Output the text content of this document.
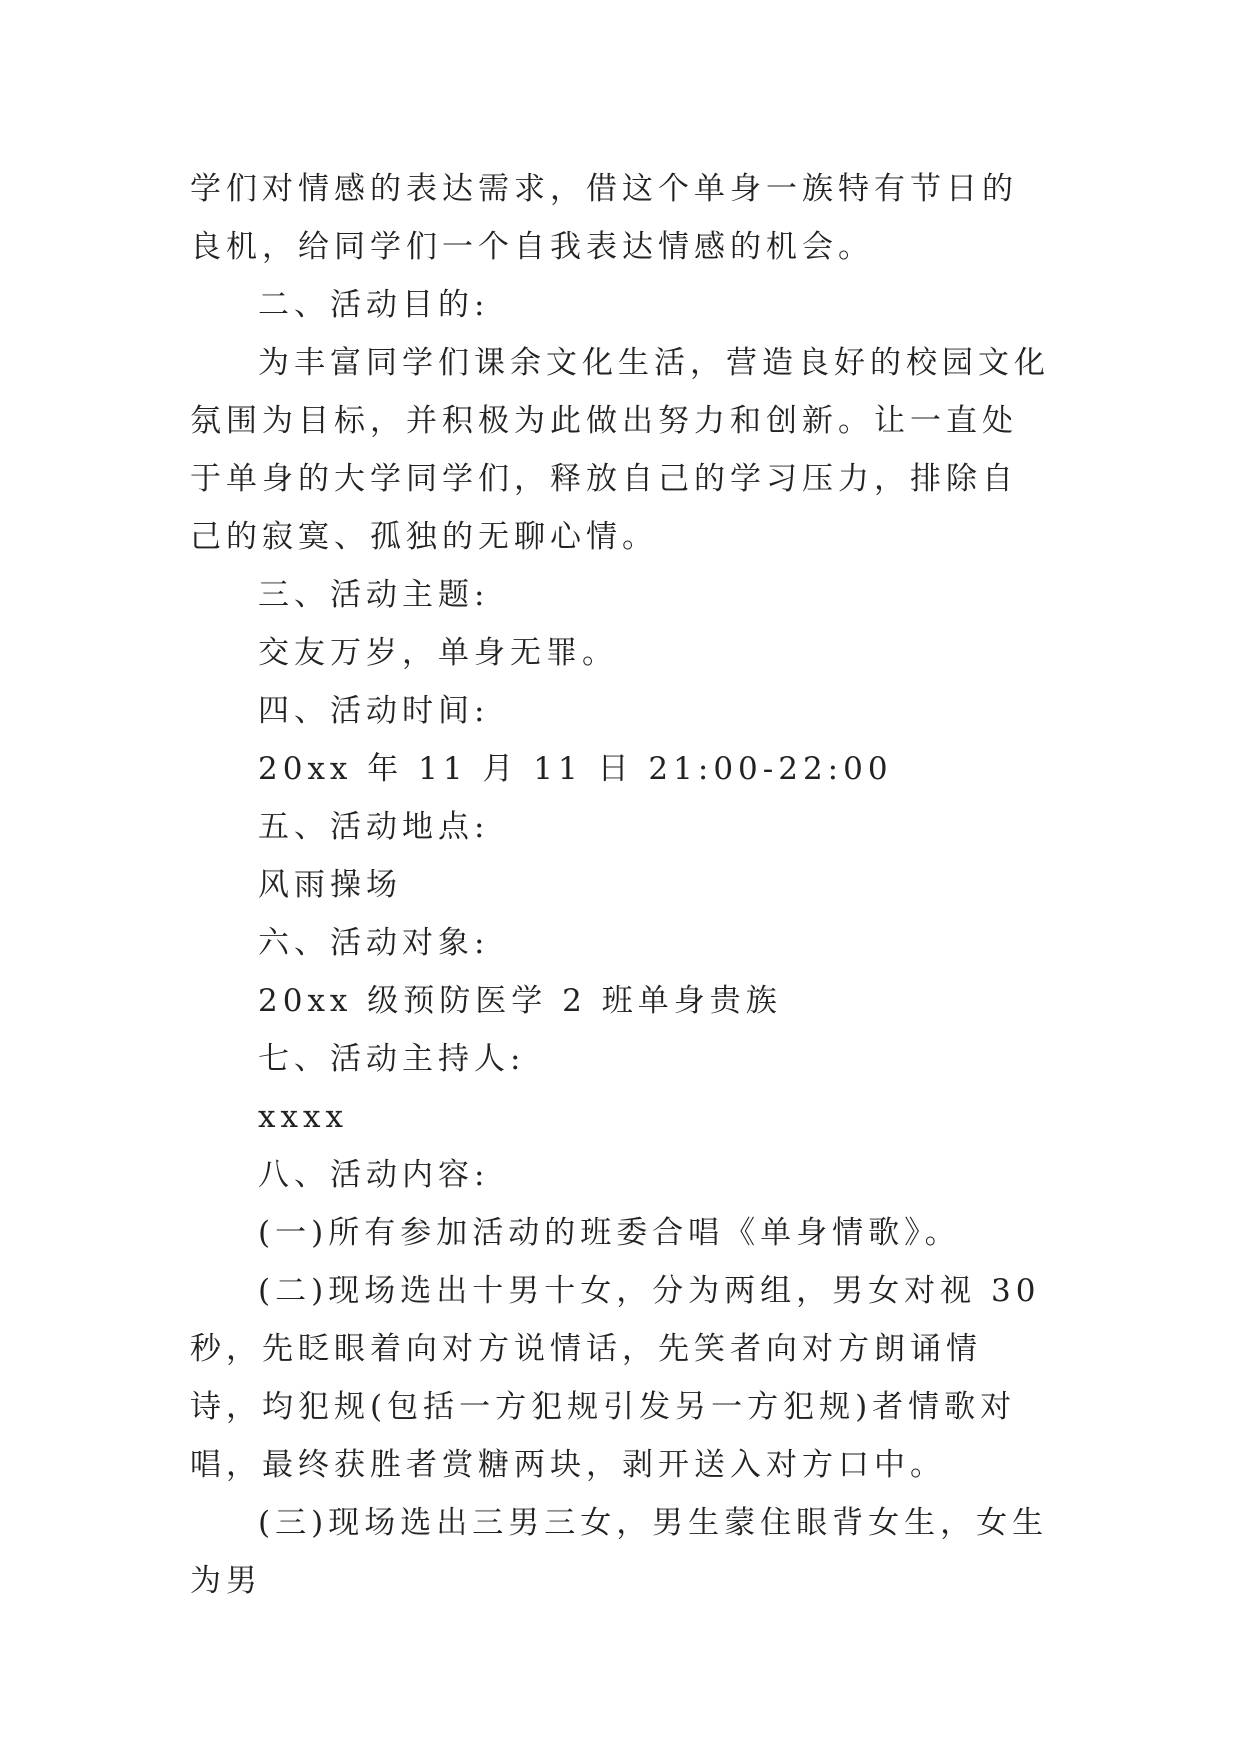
学们对情感的表达需求，借这个单身一族特有节日的良机，给同学们一个自我表达情感的机会。

二、活动目的:

为丰富同学们课余文化生活，营造良好的校园文化氛围为目标，并积极为此做出努力和创新。让一直处于单身的大学同学们，释放自己的学习压力，排除自己的寂寞、孤独的无聊心情。

三、活动主题:

交友万岁，单身无罪。

四、活动时间:

20xx 年 11 月 11 日 21:00-22:00

五、活动地点:

风雨操场

六、活动对象:

20xx 级预防医学 2 班单身贵族

七、活动主持人:

xxxx

八、活动内容:

(一)所有参加活动的班委合唱《单身情歌》。

(二)现场选出十男十女，分为两组，男女对视 30 秒，先眨眼着向对方说情话，先笑者向对方朗诵情诗，均犯规(包括一方犯规引发另一方犯规)者情歌对唱，最终获胜者赏糖两块，剥开送入对方口中。

(三)现场选出三男三女，男生蒙住眼背女生，女生为男
